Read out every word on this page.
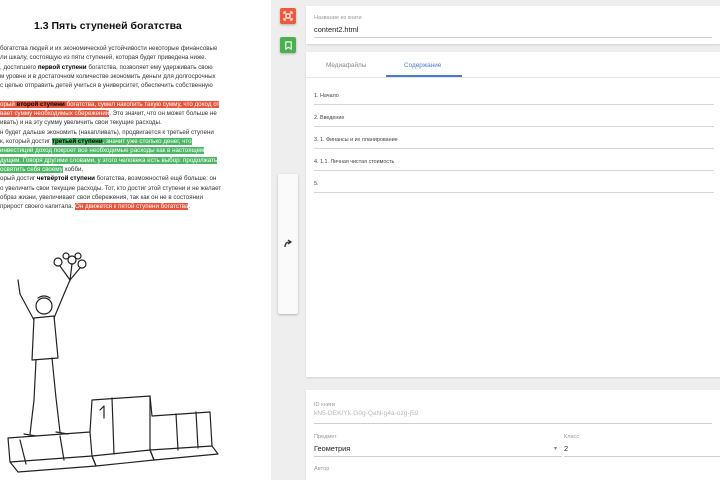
1.3 Пять ступеней богатства
богатства людей и их экономической устойчивости некоторые финансовые
ли шкалу, состоящую из пяти ступеней, которая будет приведена ниже.
, достигшего первой ступени богатства, позволяет ему удерживать свою
м уровне и в достаточном количестве экономить деньги для долгосрочных
с целью отправить детей учиться в университет, обеспечить собственную
орый второй ступени богатства, сумел накопить такую сумму, что доход от
вает сумму необходимых сбережений. Это значит, что он может больше не
ивать) и на эту сумму увеличить свои текущие расходы.
н будет дальше экономить (накапливать), продвигается к третьей ступени
к, который достиг третьей ступени, значит уже столько денег, что
инвестиций доход покроет все необходимые расходы как в настоящем
дущем. Говоря другими словами, у этого человека есть выбор: продолжать
освятить себя своему хобби.
орый достиг четвёртой ступени богатства, возможностей ещё больше: он
о увеличить свои текущие расходы. Тот, кто достиг этой ступени и не желает
образ жизни, увеличивает свои сбережения, так как он не в состоянии
прирост своего капитала. Он движется к пятой ступени богатства.
Название из книги
content2.html
Медиафайлы	Содержание
1. Начало
2. Введение
3. 1. Финансы и их планирование
4. 1.1. Личная чистая стоимость
5.
ID книги
kN5-DEK/Yk-G0g-QaN-g4a-ozg-j59
Предмет
Геометрия	▾
Класс
2
Автор
